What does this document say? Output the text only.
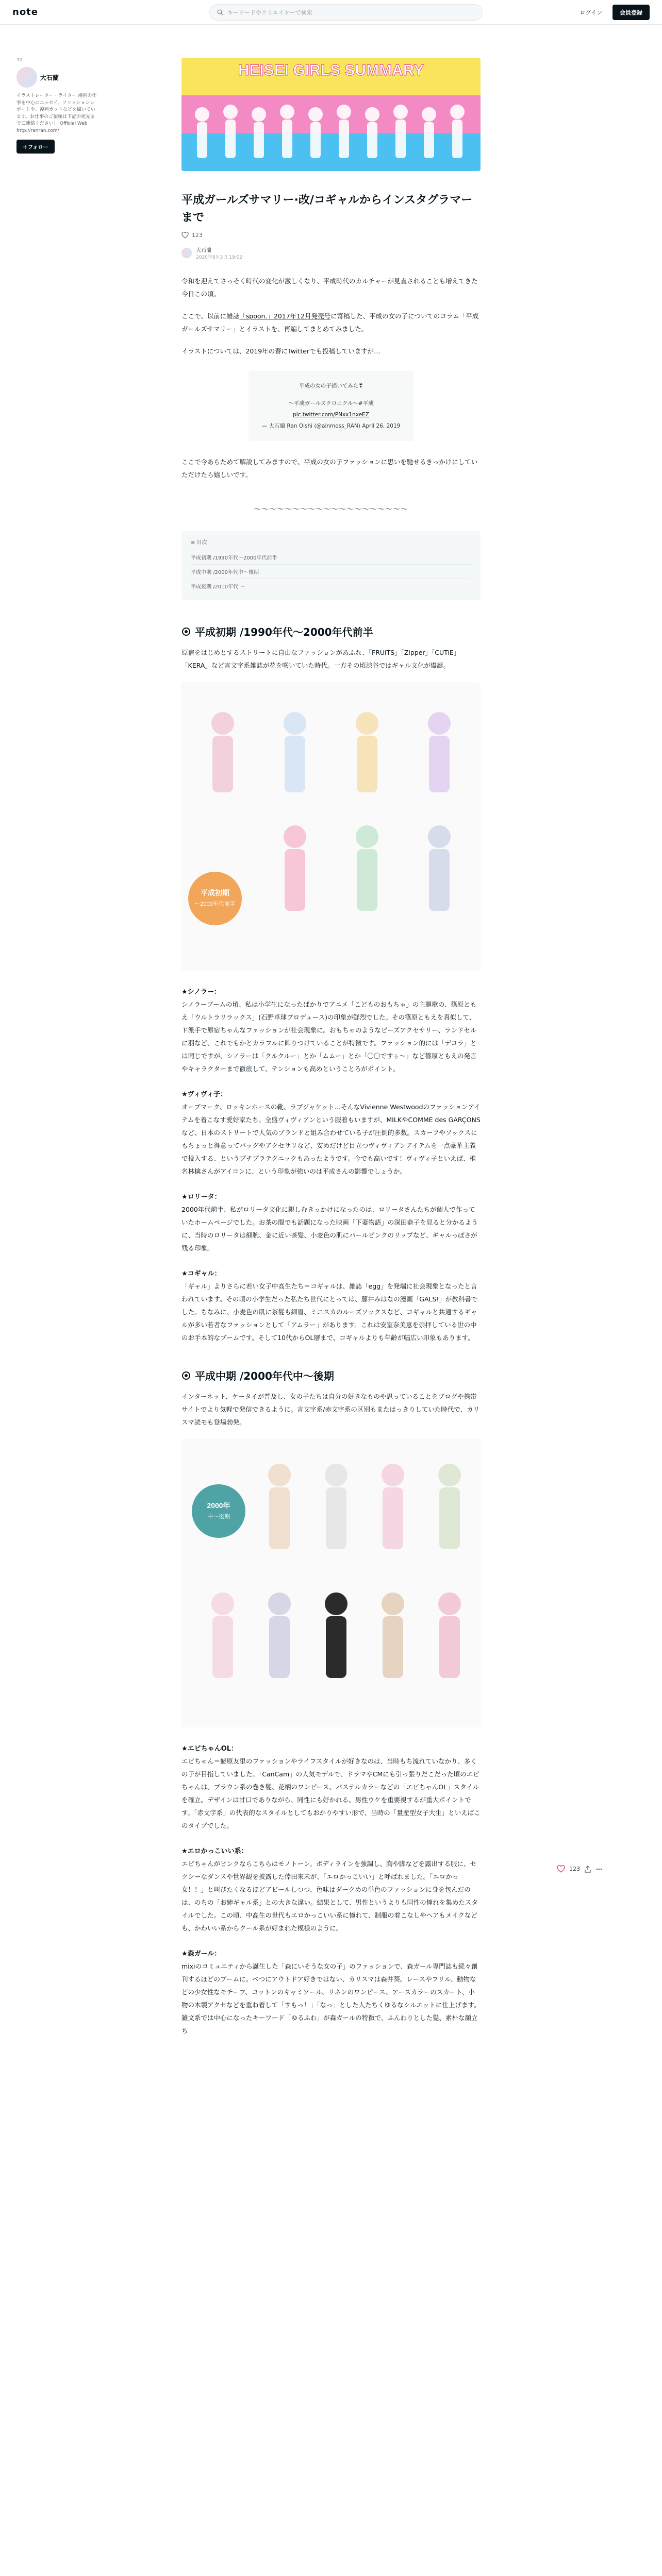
note	キーワードやクリエイターで検索	ログイン	会員登録
30
大石蘭
イラストレーター・ライター 漫画の仕事を中心にエッセイ、ファッションレポートや、漫画カットなどを描いています。お仕事のご依頼は下記の宛先までご連絡ください！ Official Web http://ranran.com/
＋フォロー
HEISEI GIRLS SUMMARY
平成ガールズサマリー·改/コギャルからインスタグラマーまで
123
大石蘭
2020年8月3日 19:02

令和を迎えてさっそく時代の変化が激しくなり、平成時代のカルチャーが見直されることも増えてきた今日この頃。

ここで、以前に雑誌「spoon.」2017年12月発売号に寄稿した、平成の女の子についてのコラム「平成ガールズサマリー」とイラストを、再編してまとめてみました。

イラストについては、2019年の春にTwitterでも投稿していますが…

平成の女の子描いてみた❣
〜平成ガールズクロニクル〜#平成
pic.twitter.com/PNxx1nxeEZ
— 大石蘭 Ran Oishi (@ainmoss_RAN) April 26, 2019

ここで今あらためて解説してみますので、平成の女の子ファッションに思いを馳せるきっかけにしていただけたら嬉しいです。

〜〜〜〜〜〜〜〜〜〜〜〜〜〜〜〜〜〜〜〜
≡ 目次
平成初期 /1990年代〜2000年代前半
平成中期 /2000年代中〜後期
平成後期 /2010年代 〜
平成初期 /1990年代〜2000年代前半

原宿をはじめとするストリートに自由なファッションがあふれ、「FRUiTS」「Zipper」「CUTiE」「KERA」など言文字系雑誌が花を咲いていた時代。一方その頃渋谷ではギャル文化が爆誕。

平成初期
〜2000年代前半
★シノラー：
シノラーブームの頃、私は小学生になったばかりでアニメ「こどものおもちゃ」の主題歌の、篠原ともえ「ウルトラリラックス」(石野卓球プロデュース)の印象が鮮烈でした。その篠原ともえを真似して、ド派手で原宿ちゃんなファッションが社会現象に。おもちゃのようなビーズアクセサリー、ランドセルに羽など、これでもかとカラフルに飾りつけていることが特徴です。ファッション的には「デコラ」とは同じですが、シノラーは「クルクルー」とか「ムムー」とか「〇〇ですぅ〜」など篠原ともえの発言やキャラクターまで徹底して、テンションも高めということろがポイント。
★ヴィヴィ子：
オーブマーク、ロッキンホースの靴、ラブジャケット…そんなVivienne Westwoodのファッションアイテムを着こなす愛好家たち。全盛ヴィヴィアンという服着もいますが、MILKやCOMME des GARÇONSなど、日本のストリートで人気のブランドと組み合わせている子が圧倒的多数。スカーフやソックスにもちょっと得意ってバッグやアクセサリなど、安めだけど目立つヴィヴィアンアイテムを一点豪華主義で投入する、というプチプラテクニックもあったようです。今でも高いです！ヴィヴィ子といえば、椎名林檎さんがアイコンに、という印象が強いのは平成さんの影響でしょうか。
★ロリータ：
2000年代前半、私がロリータ文化に親しむきっかけになったのは、ロリータさんたちが個人で作っていたホームページでした。お茶の間でも話題になった映画「下妻物語」の深田恭子を見ると分かるように、当時のロリータは細腕、金に近い茶髪、小麦色の肌にパールピンクのリップなど、ギャルっぽさが残る印象。
★コギャル：
「ギャル」よりさらに若い女子中高生たち＝コギャルは、雑誌「egg」を発端に社会現象となったと言われています。その頃の小学生だった私たち世代にとっては、藤井みはなの漫画「GALS!」が教科書でした。ちなみに、小麦色の肌に茶髪も細眉、ミニスカのルーズソックスなど、コギャルと共通するギャルが多い若者なファッションとして「アムラー」があります。これは安室奈美恵を崇拝している世の中のお手本的なブームです。そして10代からOL層まで、コギャルよりも年齢が幅広い印象もあります。
平成中期 /2000年代中〜後期

インターネット、ケータイが普及し、女の子たちは自分の好きなものや思っていることをブログや携帯サイトでより気軽で発信できるように。言文字系/赤文字系の区別もまたはっきりしていた時代で、カリスマ読モも登場勃発。

2000年
中〜後期
★エビちゃんOL：
エビちゃん＝蛯原友里のファッションやライフスタイルが好きなのは、当時もち流れていなかり、多くの子が目指していました。「CanCam」の人気モデルで、ドラマやCMにも引っ張りだこだった頃のエビちゃんは、ブラウン系の巻き髪、花柄のワンピース、パステルカラーなどの「エビちゃんOL」スタイルを確立。デザインは甘口でありながら、同性にも好かれる、男性ウケを重要視するが重大ポイントです。「赤文字系」の代表的なスタイルとしてもおかりやすい形で、当時の「量産型女子大生」といえばこのタイプでした。
★エロかっこいい系：
エビちゃんがピンクならこちらはモノトーン。ボディラインを強調し、胸や脚などを露出する服に、セクシーなダンスや世界観を披露した倖田來未が、「エロかっこいい」と呼ばれました。「エロかっ女！！」と叫びたくなるほどアピールしつつ、色味はダークめの単色のファッションに身を包んだのは、のちの「お姉ギャル系」との大きな違い。結果として、男性というよりも同性の憧れを集めたスタイルでした。この頃、中高生の世代もエロかっこいい系に憧れて、制服の着こなしやヘアもメイクなども、かわいい系からクール系が好まれた模様のように。
★森ガール：
mixiのコミュニティから誕生した「森にいそうな女の子」のファッションで、森ガール専門誌も続々創刊するほどのブームに。ベつにアウトドア好きではない、カリスマは森井葵。レースやフリル、動物などの少女性なモチーフ、コットンのキャミソール、リネンのワンピース、アースカラーのスカート、小物の木製アクセなどを重ね着して「すもっ！」「なっ」とした人たちくゆるなシルエットに仕上げます。雑文系では中心になったキーワード「ゆるふわ」が森ガールの特徴で、ふんわりとした髪、素朴な顔立ち
123
